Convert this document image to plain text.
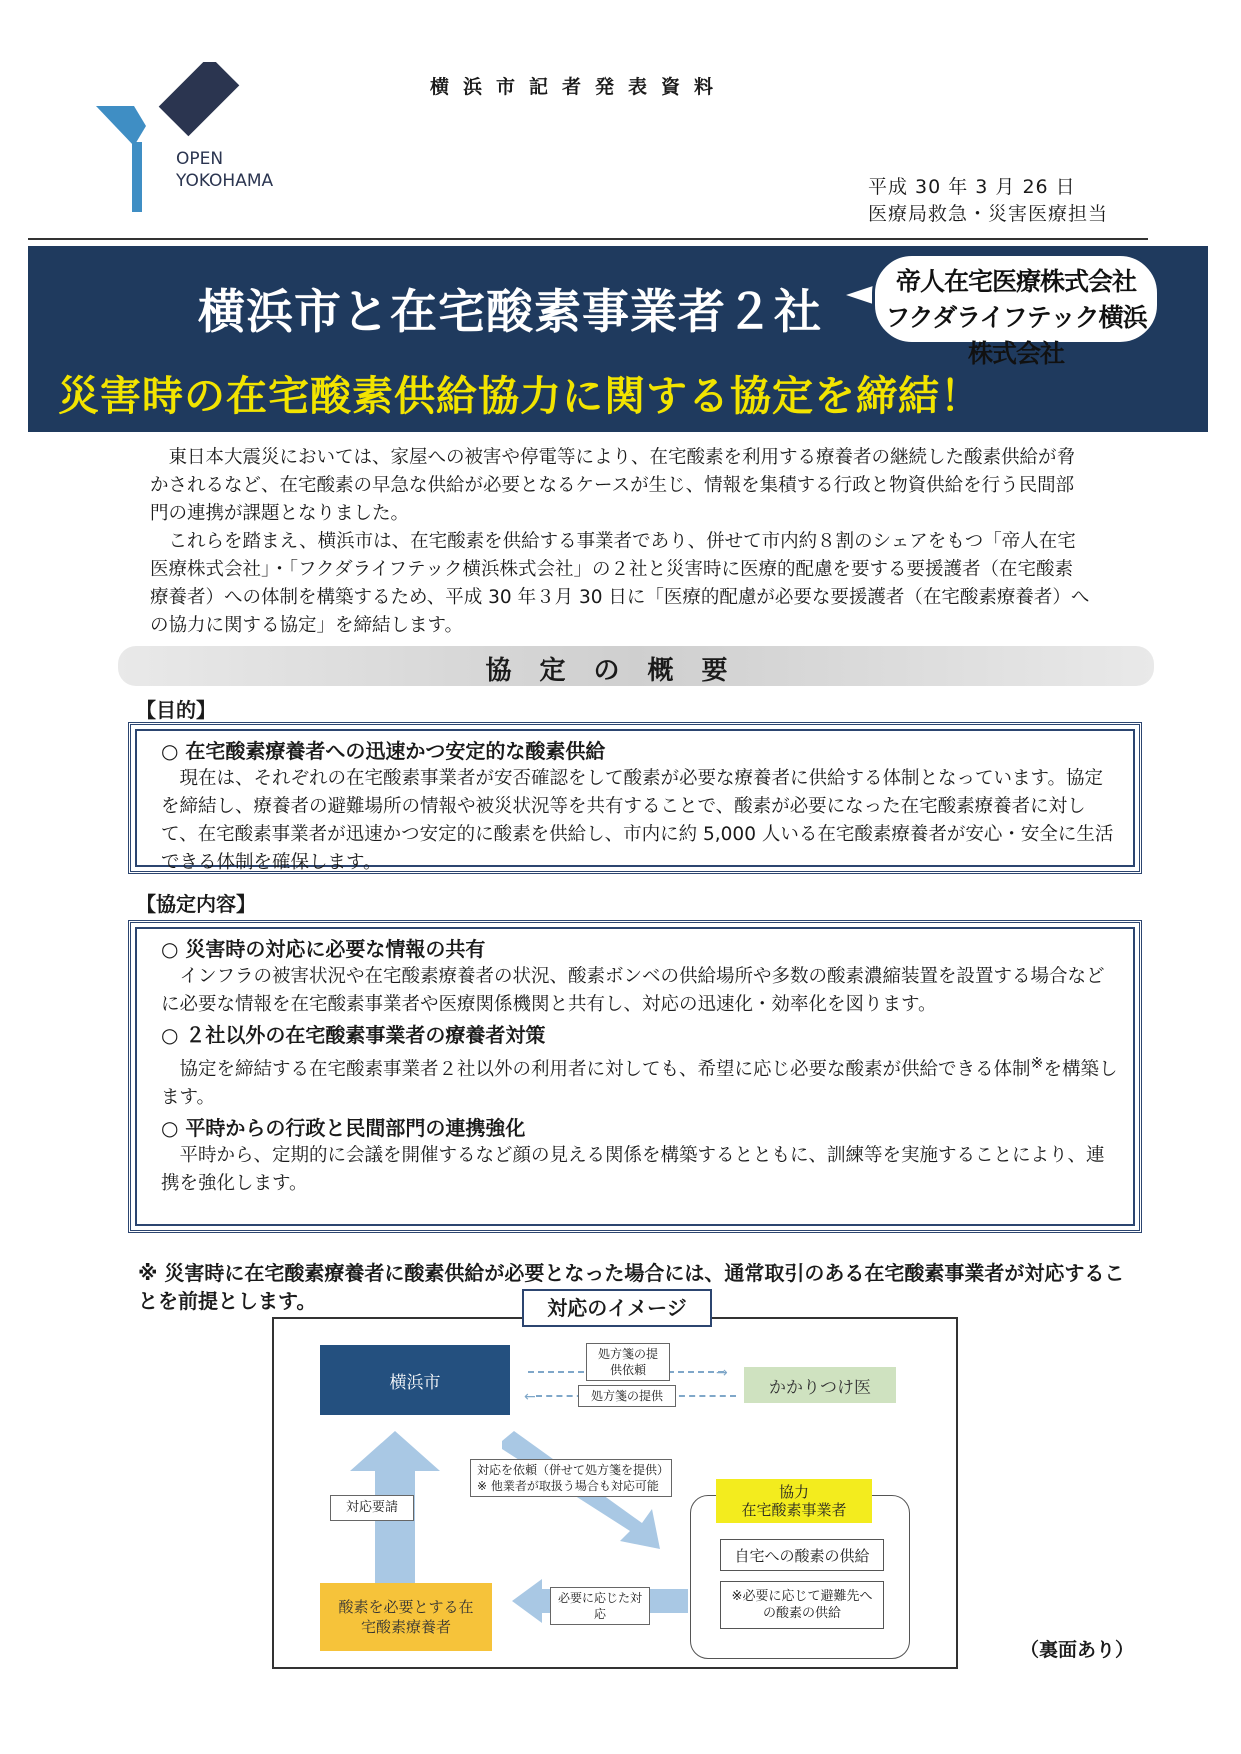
横浜市記者発表資料
OPEN
YOKOHAMA	平成 30 年 3 月 26 日
医療局救急・災害医療担当
横浜市と在宅酸素事業者２社
帝人在宅医療株式会社
フクダライフテック横浜株式会社
災害時の在宅酸素供給協力に関する協定を締結！

東日本大震災においては、家屋への被害や停電等により、在宅酸素を利用する療養者の継続した酸素供給が脅かされるなど、在宅酸素の早急な供給が必要となるケースが生じ、情報を集積する行政と物資供給を行う民間部門の連携が課題となりました。

これらを踏まえ、横浜市は、在宅酸素を供給する事業者であり、併せて市内約８割のシェアをもつ「帝人在宅医療株式会社」・「フクダライフテック横浜株式会社」の２社と災害時に医療的配慮を要する要援護者（在宅酸素療養者）への体制を構築するため、平成 30 年３月 30 日に「医療的配慮が必要な要援護者（在宅酸素療養者）への協力に関する協定」を締結します。

協定の概要
【目的】
○ 在宅酸素療養者への迅速かつ安定的な酸素供給
現在は、それぞれの在宅酸素事業者が安否確認をして酸素が必要な療養者に供給する体制となっています。協定を締結し、療養者の避難場所の情報や被災状況等を共有することで、酸素が必要になった在宅酸素療養者に対して、在宅酸素事業者が迅速かつ安定的に酸素を供給し、市内に約 5,000 人いる在宅酸素療養者が安心・安全に生活できる体制を確保します。
【協定内容】
○ 災害時の対応に必要な情報の共有
インフラの被害状況や在宅酸素療養者の状況、酸素ボンベの供給場所や多数の酸素濃縮装置を設置する場合などに必要な情報を在宅酸素事業者や医療関係機関と共有し、対応の迅速化・効率化を図ります。
○ ２社以外の在宅酸素事業者の療養者対策
協定を締結する在宅酸素事業者２社以外の利用者に対しても、希望に応じ必要な酸素が供給できる体制※を構築します。
○ 平時からの行政と民間部門の連携強化
平時から、定期的に会議を開催するなど顔の見える関係を構築するとともに、訓練等を実施することにより、連携を強化します。
※ 災害時に在宅酸素療養者に酸素供給が必要となった場合には、通常取引のある在宅酸素事業者が対応することを前提とします。
横浜市	かかりつけ医
→
←
処方箋の提供依頼
処方箋の提供
対応要請
対応を依頼（併せて処方箋を提供）
※ 他業者が取扱う場合も対応可能	協力
在宅酸素事業者
自宅への酸素の供給
※必要に応じて避難先への酸素の供給
必要に応じた対応
酸素を必要とする在宅酸素療養者
対応のイメージ
（裏面あり）
